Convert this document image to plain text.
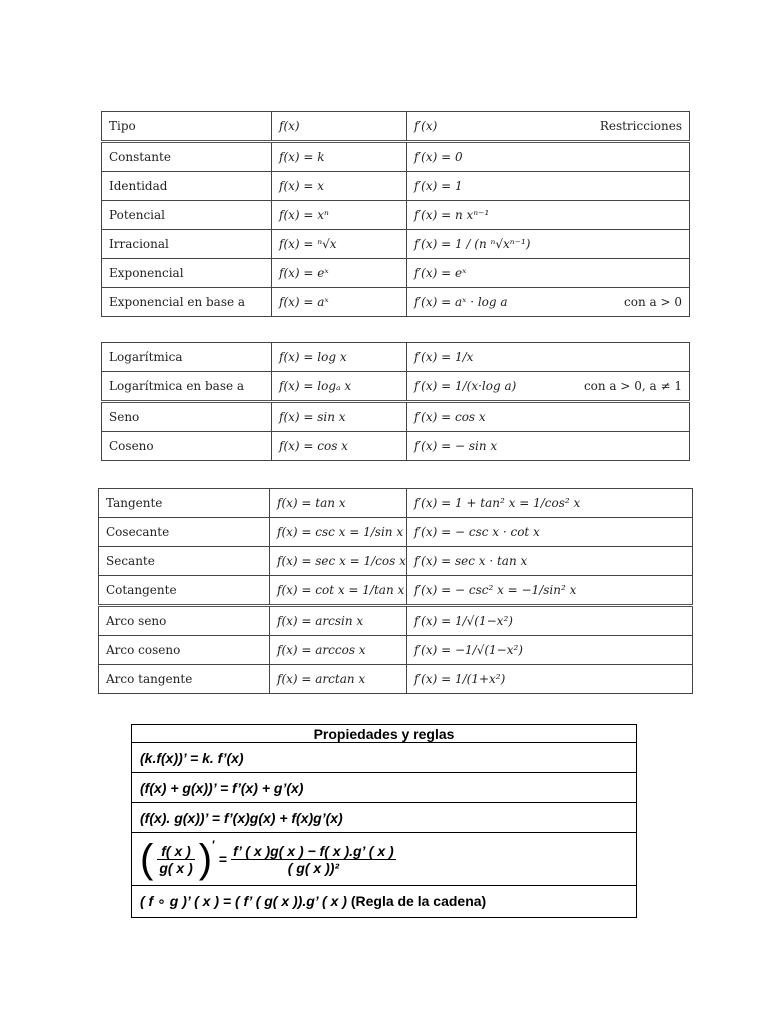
Tipo	f(x)	f′(x) Restricciones

Constante	f(x) = k	f′(x) = 0
Identidad	f(x) = x	f′(x) = 1
Potencial	f(x) = xⁿ	f′(x) = n xⁿ⁻¹
Irracional	f(x) = ⁿ√x	f′(x) = 1 / (n ⁿ√xⁿ⁻¹)
Exponencial	f(x) = eˣ	f′(x) = eˣ
Exponencial en base a	f(x) = aˣ	f′(x) = aˣ · log a con a > 0
Logarítmica	f(x) = log x	f′(x) = 1/x
Logarítmica en base a	f(x) = logₐ x	f′(x) = 1/(x·log a) con a > 0, a ≠ 1

Seno	f(x) = sin x	f′(x) = cos x
Coseno	f(x) = cos x	f′(x) = − sin x
Tangente	f(x) = tan x	f′(x) = 1 + tan² x = 1/cos² x
Cosecante	f(x) = csc x = 1/sin x	f′(x) = − csc x · cot x
Secante	f(x) = sec x = 1/cos x	f′(x) = sec x · tan x
Cotangente	f(x) = cot x = 1/tan x	f′(x) = − csc² x = −1/sin² x
Arco seno	f(x) = arcsin x	f′(x) = 1/√(1−x²)
Arco coseno	f(x) = arccos x	f′(x) = −1/√(1−x²)
Arco tangente	f(x) = arctan x	f′(x) = 1/(1+x²)
Propiedades y reglas
(k.f(x))’ = k. f’(x)
(f(x) + g(x))’ = f’(x) + g’(x)
(f(x). g(x))’ = f’(x)g(x) + f(x)g’(x)

( $\frac{f( x )}{g( x )} )'$
= $\frac{f’ ( x )g( x ) - f( x ).g’ ( x )}{\text{( g( x ))²}}$

( f ∘ g )’ ( x ) = ( f’ ( g( x )).g’ ( x ) (Regla de la cadena)
